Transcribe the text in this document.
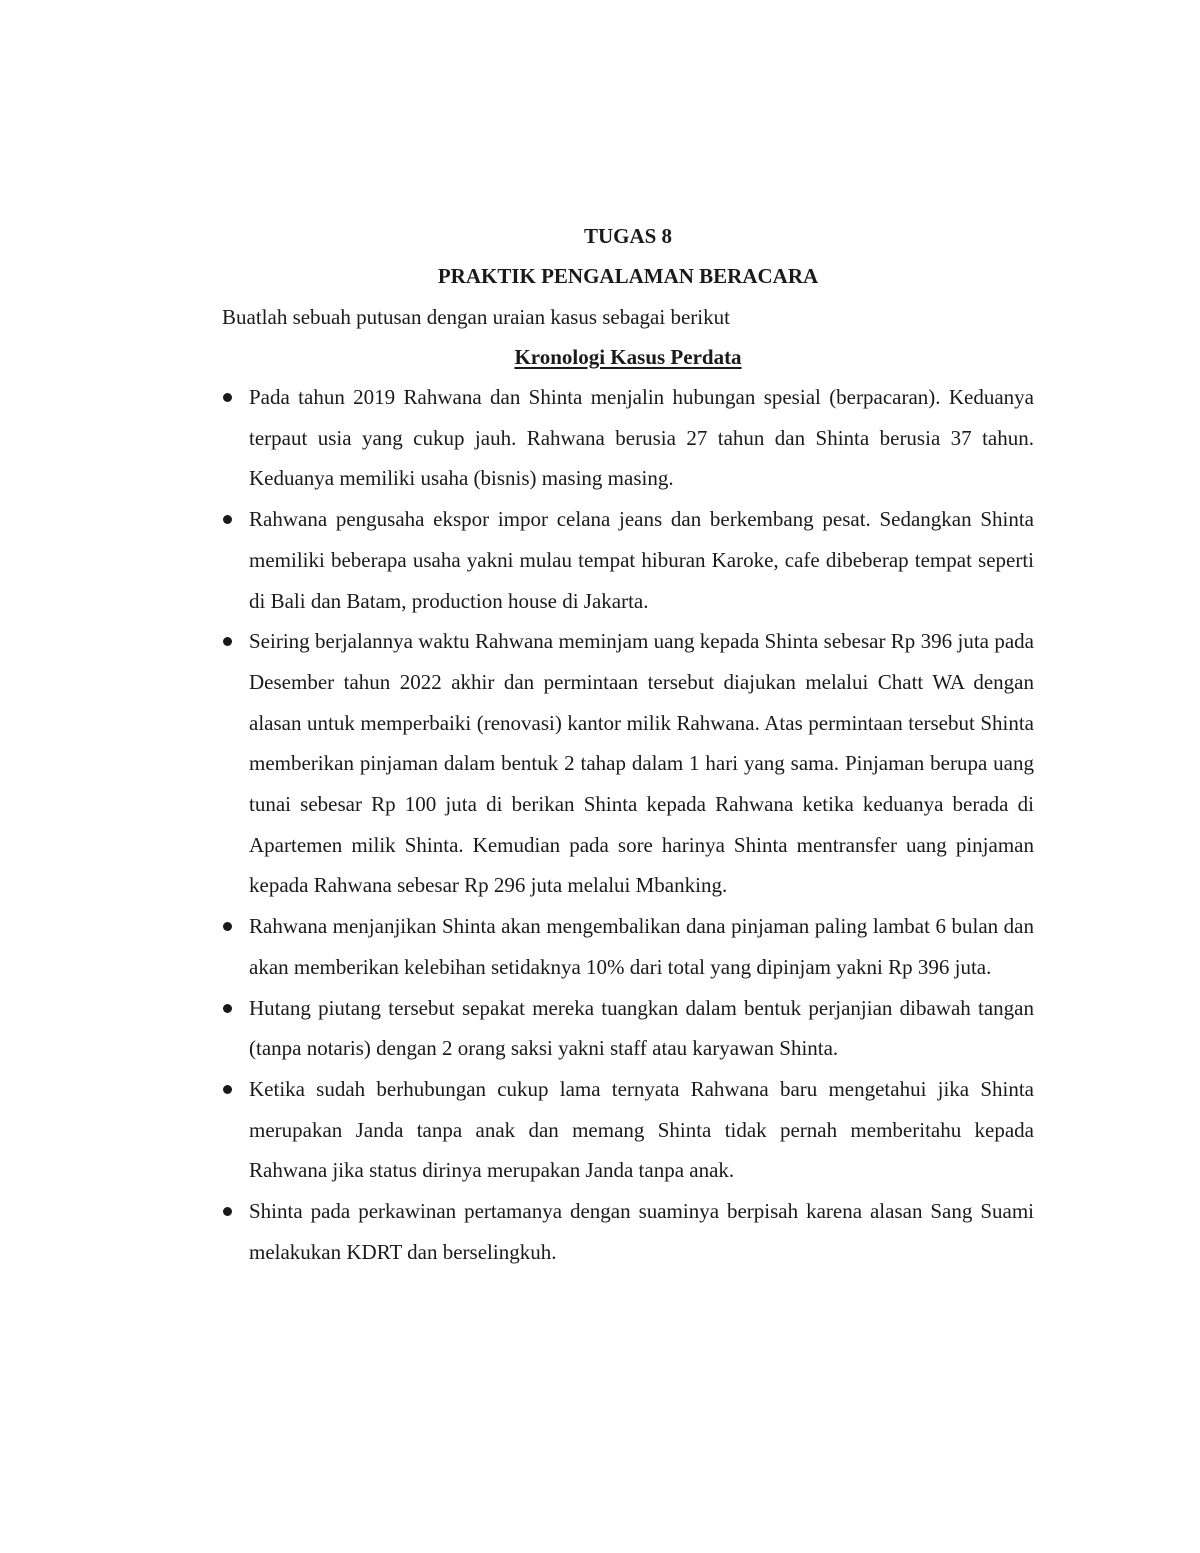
TUGAS 8

PRAKTIK PENGALAMAN BERACARA

Buatlah sebuah putusan dengan uraian kasus sebagai berikut

Kronologi Kasus Perdata

Pada tahun 2019 Rahwana dan Shinta menjalin hubungan spesial (berpacaran). Keduanya terpaut usia yang cukup jauh. Rahwana berusia 27 tahun dan Shinta berusia 37 tahun. Keduanya memiliki usaha (bisnis) masing masing.
Rahwana pengusaha ekspor impor celana jeans dan berkembang pesat. Sedangkan Shinta memiliki beberapa usaha yakni mulau tempat hiburan Karoke, cafe dibeberap tempat seperti di Bali dan Batam, production house di Jakarta.
Seiring berjalannya waktu Rahwana meminjam uang kepada Shinta sebesar Rp 396 juta pada Desember tahun 2022 akhir dan permintaan tersebut diajukan melalui Chatt WA dengan alasan untuk memperbaiki (renovasi) kantor milik Rahwana. Atas permintaan tersebut Shinta memberikan pinjaman dalam bentuk 2 tahap dalam 1 hari yang sama. Pinjaman berupa uang tunai sebesar Rp 100 juta di berikan Shinta kepada Rahwana ketika keduanya berada di Apartemen milik Shinta. Kemudian pada sore harinya Shinta mentransfer uang pinjaman kepada Rahwana sebesar Rp 296 juta melalui Mbanking.
Rahwana menjanjikan Shinta akan mengembalikan dana pinjaman paling lambat 6 bulan dan akan memberikan kelebihan setidaknya 10% dari total yang dipinjam yakni Rp 396 juta.
Hutang piutang tersebut sepakat mereka tuangkan dalam bentuk perjanjian dibawah tangan (tanpa notaris) dengan 2 orang saksi yakni staff atau karyawan Shinta.
Ketika sudah berhubungan cukup lama ternyata Rahwana baru mengetahui jika Shinta merupakan Janda tanpa anak dan memang Shinta tidak pernah memberitahu kepada Rahwana jika status dirinya merupakan Janda tanpa anak.
Shinta pada perkawinan pertamanya dengan suaminya berpisah karena alasan Sang Suami melakukan KDRT dan berselingkuh.
